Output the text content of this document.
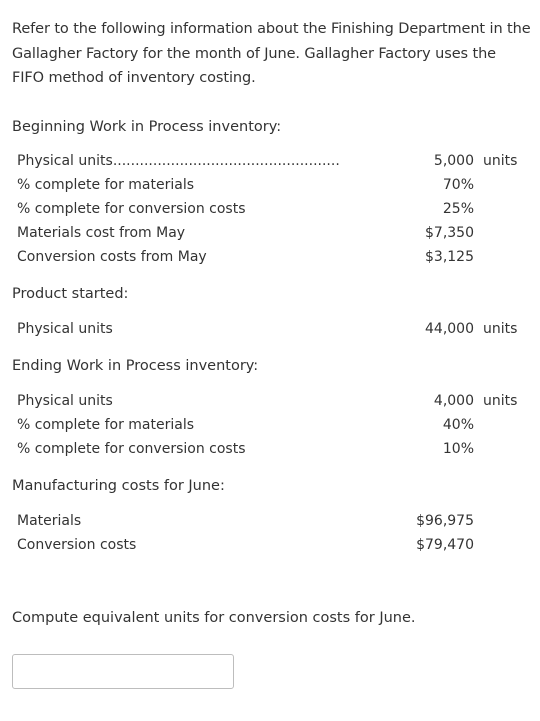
Refer to the following information about the Finishing Department in the Gallagher Factory for the month of June. Gallagher Factory uses the FIFO method of inventory costing.
Beginning Work in Process inventory:
Physical units...................................................	5,000 units
% complete for materials	70%
% complete for conversion costs	25%
Materials cost from May	$7,350
Conversion costs from May	$3,125
Product started:
Physical units	44,000 units
Ending Work in Process inventory:
Physical units	4,000 units
% complete for materials	40%
% complete for conversion costs	10%
Manufacturing costs for June:
Materials	$96,975
Conversion costs	$79,470
Compute equivalent units for conversion costs for June.
